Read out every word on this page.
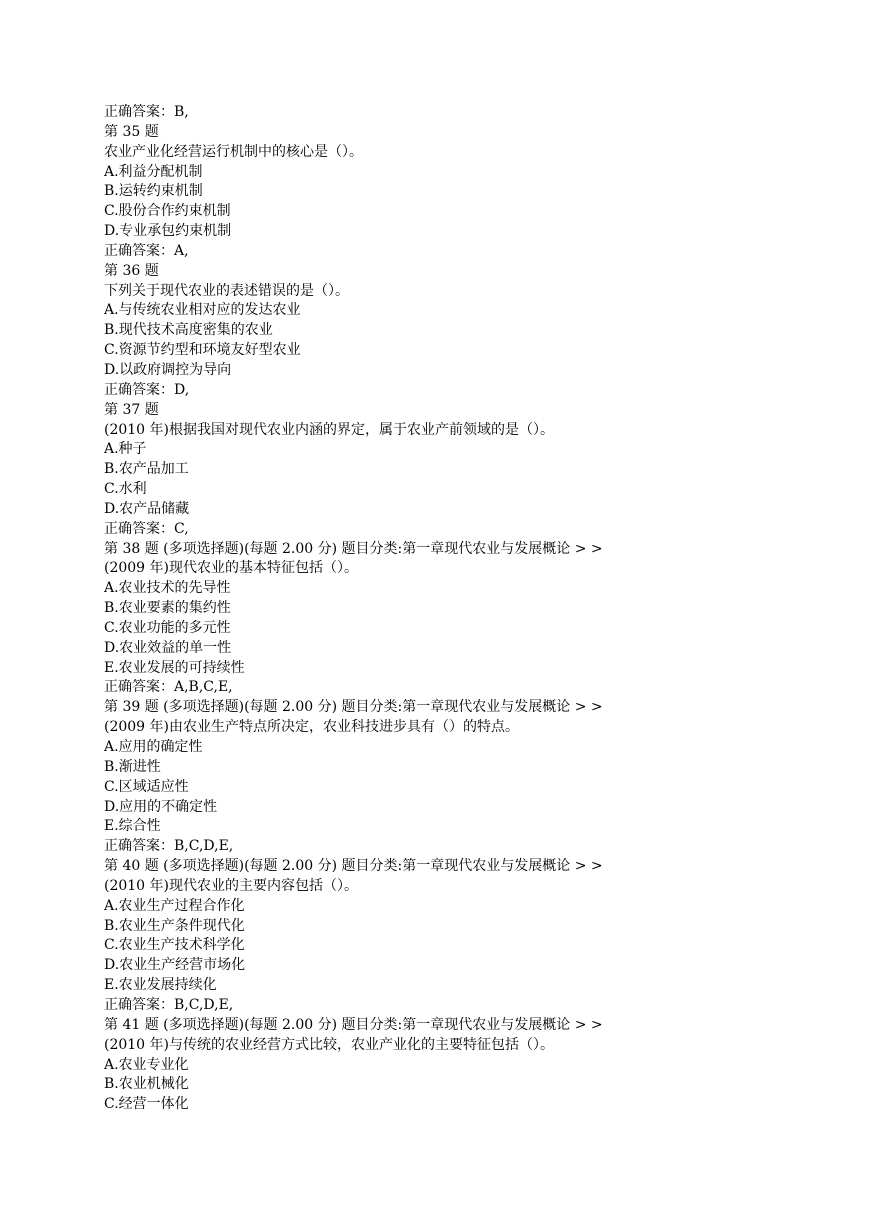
正确答案：B,
第 35 题
农业产业化经营运行机制中的核心是（）。
A.利益分配机制
B.运转约束机制
C.股份合作约束机制
D.专业承包约束机制
正确答案：A,
第 36 题
下列关于现代农业的表述错误的是（）。
A.与传统农业相对应的发达农业
B.现代技术高度密集的农业
C.资源节约型和环境友好型农业
D.以政府调控为导向
正确答案：D,
第 37 题
(2010 年)根据我国对现代农业内涵的界定，属于农业产前领域的是（）。
A.种子
B.农产品加工
C.水利
D.农产品储藏
正确答案：C,
第 38 题 (多项选择题)(每题 2.00 分) 题目分类:第一章现代农业与发展概论 > >
(2009 年)现代农业的基本特征包括（）。
A.农业技术的先导性
B.农业要素的集约性
C.农业功能的多元性
D.农业效益的单一性
E.农业发展的可持续性
正确答案：A,B,C,E,
第 39 题 (多项选择题)(每题 2.00 分) 题目分类:第一章现代农业与发展概论 > >
(2009 年)由农业生产特点所决定，农业科技进步具有（）的特点。
A.应用的确定性
B.渐进性
C.区域适应性
D.应用的不确定性
E.综合性
正确答案：B,C,D,E,
第 40 题 (多项选择题)(每题 2.00 分) 题目分类:第一章现代农业与发展概论 > >
(2010 年)现代农业的主要内容包括（）。
A.农业生产过程合作化
B.农业生产条件现代化
C.农业生产技术科学化
D.农业生产经营市场化
E.农业发展持续化
正确答案：B,C,D,E,
第 41 题 (多项选择题)(每题 2.00 分) 题目分类:第一章现代农业与发展概论 > >
(2010 年)与传统的农业经营方式比较，农业产业化的主要特征包括（）。
A.农业专业化
B.农业机械化
C.经营一体化
